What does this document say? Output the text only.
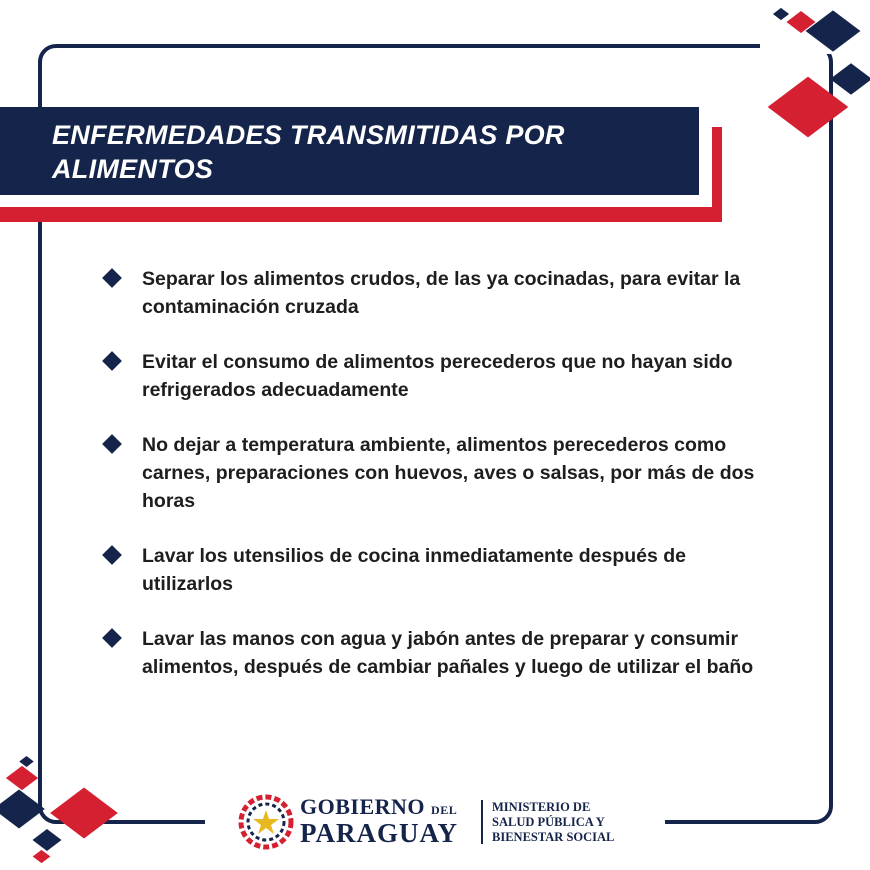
ENFERMEDADES TRANSMITIDAS POR ALIMENTOS
Separar los alimentos crudos, de las ya cocinadas, para evitar la contaminación cruzada
Evitar el consumo de alimentos perecederos que no hayan sido refrigerados adecuadamente
No dejar a temperatura ambiente, alimentos perecederos como carnes, preparaciones con huevos, aves o salsas, por más de dos horas
Lavar los utensilios de cocina inmediatamente después de utilizarlos
Lavar las manos con agua y jabón antes de preparar y consumir alimentos, después de cambiar pañales y luego de utilizar el baño
GOBIERNO DEL
PARAGUAY
MINISTERIO DE
SALUD PÚBLICA Y
BIENESTAR SOCIAL
